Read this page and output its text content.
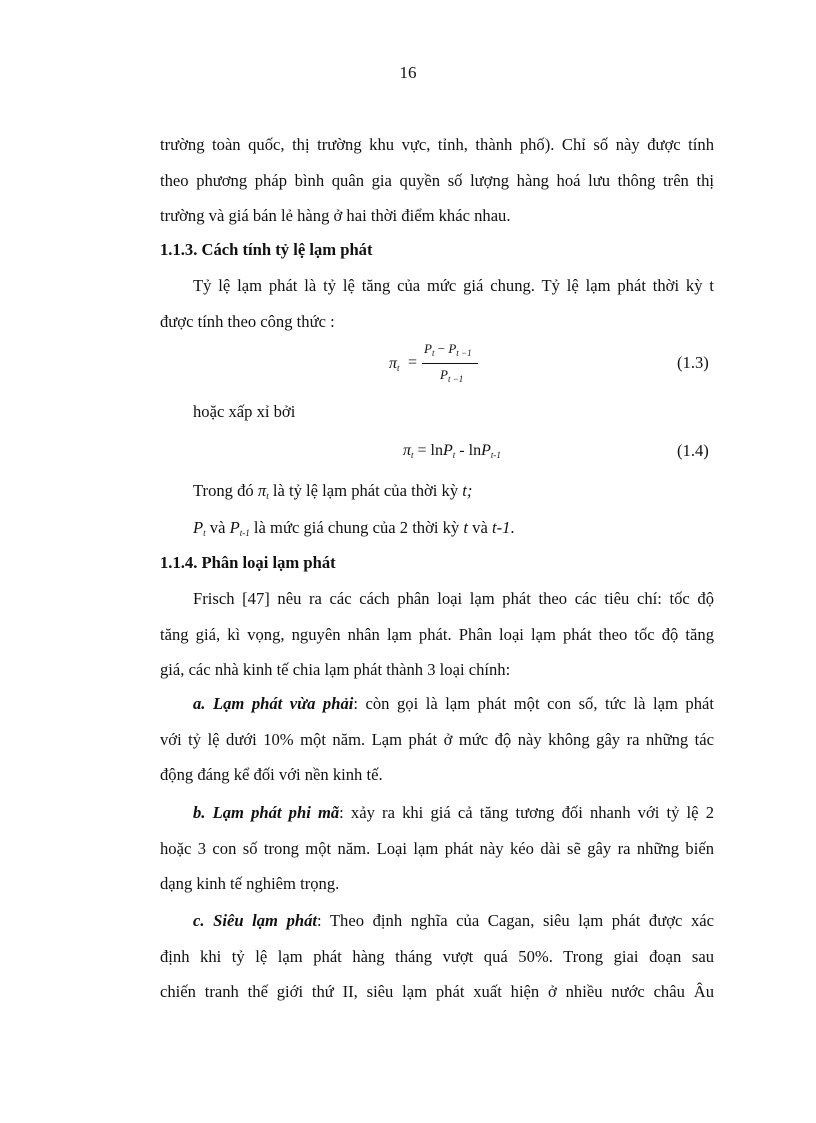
16
trường toàn quốc, thị trường khu vực, tỉnh, thành phố). Chỉ số này được tính
theo phương pháp bình quân gia quyền số lượng hàng hoá lưu thông trên thị
trường và giá bán lẻ hàng ở hai thời điểm khác nhau.
1.1.3. Cách tính tỷ lệ lạm phát
Tỷ lệ lạm phát là tỷ lệ tăng của mức giá chung. Tỷ lệ lạm phát thời kỳ t
được tính theo công thức :
$\pi_t$ =
$P_t - P_{t -1}$
$P_{t -1}$
(1.3)
hoặc xấp xỉ bởi
$\pi_t = \ln P_t - \ln P_{t-1}$	(1.4)
Trong đó $\pi_t$ là tỷ lệ lạm phát của thời kỳ t;
$P_t$ và $P_{t-1}$ là mức giá chung của 2 thời kỳ t và t-1.
1.1.4. Phân loại lạm phát
Frisch [47] nêu ra các cách phân loại lạm phát theo các tiêu chí: tốc độ
tăng giá, kì vọng, nguyên nhân lạm phát. Phân loại lạm phát theo tốc độ tăng
giá, các nhà kinh tế chia lạm phát thành 3 loại chính:
a. Lạm phát vừa phải: còn gọi là lạm phát một con số, tức là lạm phát
với tỷ lệ dưới 10% một năm. Lạm phát ở mức độ này không gây ra những tác
động đáng kể đối với nền kinh tế.
b. Lạm phát phi mã: xảy ra khi giá cả tăng tương đối nhanh với tỷ lệ 2
hoặc 3 con số trong một năm. Loại lạm phát này kéo dài sẽ gây ra những biến
dạng kinh tế nghiêm trọng.
c. Siêu lạm phát: Theo định nghĩa của Cagan, siêu lạm phát được xác
định khi tỷ lệ lạm phát hàng tháng vượt quá 50%. Trong giai đoạn sau
chiến tranh thế giới thứ II, siêu lạm phát xuất hiện ở nhiều nước châu Âu
